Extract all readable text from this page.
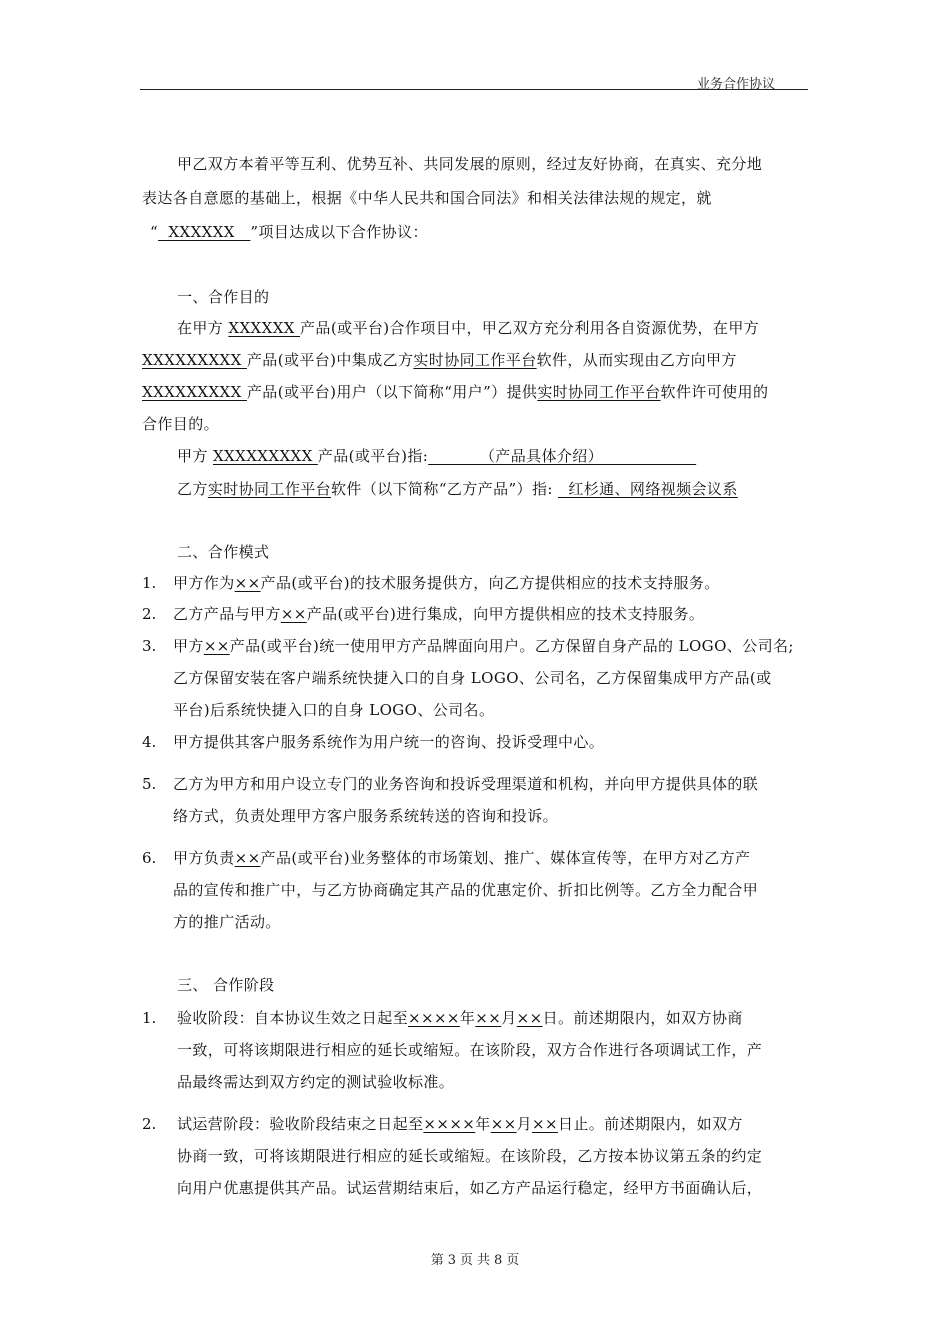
业务合作协议
甲乙双方本着平等互利、优势互补、共同发展的原则，经过友好协商，在真实、充分地
表达各自意愿的基础上，根据《中华人民共和国合同法》和相关法律法规的规定，就
“  XXXXXX   ”项目达成以下合作协议：
一、合作目的
在甲方 XXXXXX 产品(或平台)合作项目中，甲乙双方充分利用各自资源优势，在甲方
XXXXXXXXX 产品(或平台)中集成乙方实时协同工作平台软件，从而实现由乙方向甲方
XXXXXXXXX 产品(或平台)用户（以下简称“用户”）提供实时协同工作平台软件许可使用的
合作目的。
甲方 XXXXXXXXX 产品(或平台)指:          （产品具体介绍）
乙方实时协同工作平台软件（以下简称“乙方产品”）指:   红杉通、网络视频会议系
二、合作模式
1. 甲方作为××产品(或平台)的技术服务提供方，向乙方提供相应的技术支持服务。
2. 乙方产品与甲方××产品(或平台)进行集成，向甲方提供相应的技术支持服务。
3. 甲方××产品(或平台)统一使用甲方产品牌面向用户。乙方保留自身产品的 LOGO、公司名;
乙方保留安装在客户端系统快捷入口的自身 LOGO、公司名，乙方保留集成甲方产品(或
平台)后系统快捷入口的自身 LOGO、公司名。
4. 甲方提供其客户服务系统作为用户统一的咨询、投诉受理中心。
5. 乙方为甲方和用户设立专门的业务咨询和投诉受理渠道和机构，并向甲方提供具体的联
络方式，负责处理甲方客户服务系统转送的咨询和投诉。
6. 甲方负责××产品(或平台)业务整体的市场策划、推广、媒体宣传等，在甲方对乙方产
品的宣传和推广中，与乙方协商确定其产品的优惠定价、折扣比例等。乙方全力配合甲
方的推广活动。
三、 合作阶段
1. 验收阶段：自本协议生效之日起至××××年××月××日。前述期限内，如双方协商
一致，可将该期限进行相应的延长或缩短。在该阶段，双方合作进行各项调试工作，产
品最终需达到双方约定的测试验收标准。
2. 试运营阶段：验收阶段结束之日起至××××年××月××日止。前述期限内，如双方
协商一致，可将该期限进行相应的延长或缩短。在该阶段，乙方按本协议第五条的约定
向用户优惠提供其产品。试运营期结束后，如乙方产品运行稳定，经甲方书面确认后，
第 3 页 共 8 页
